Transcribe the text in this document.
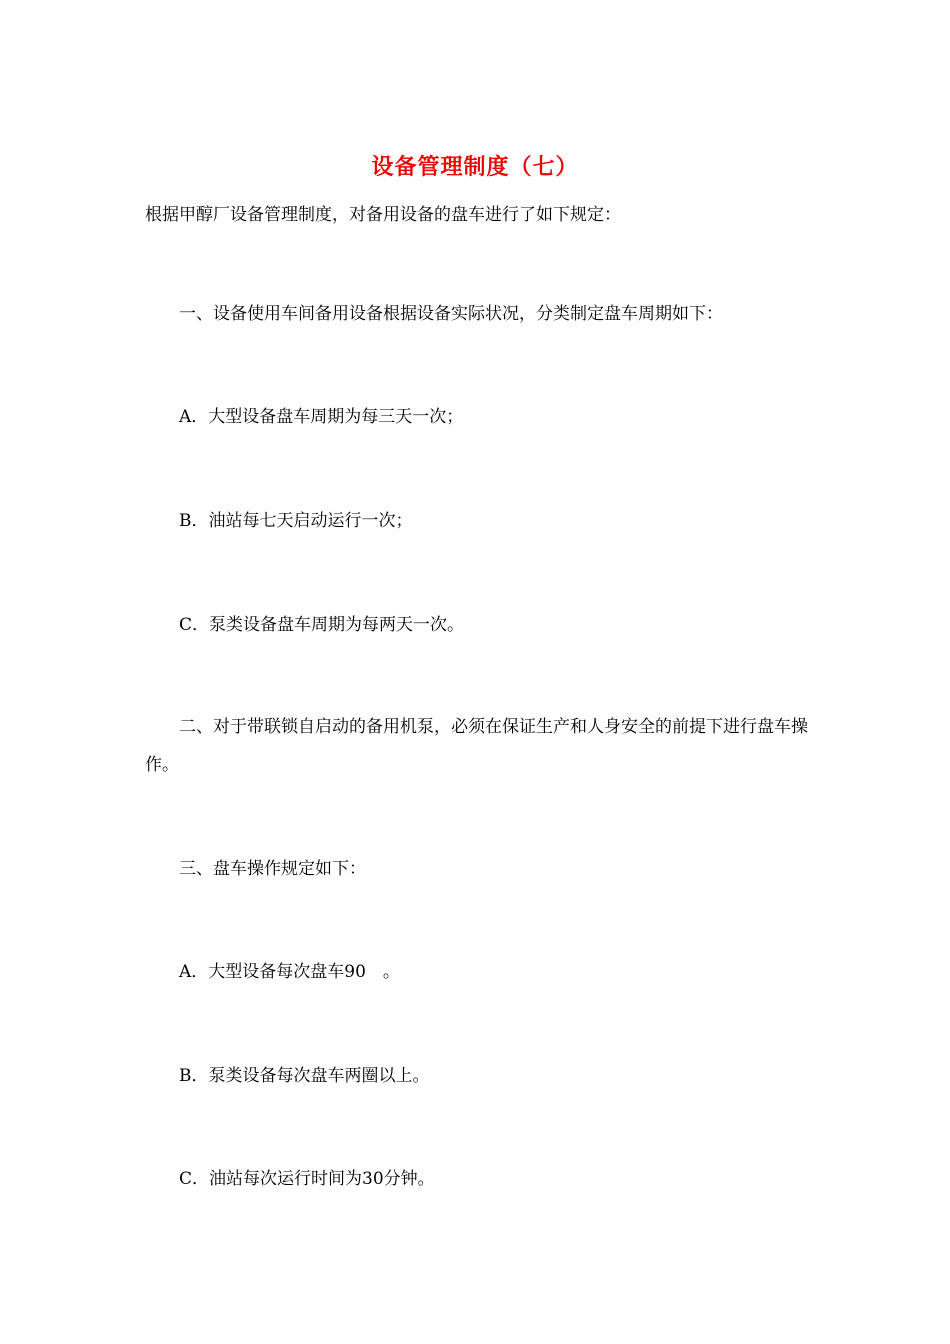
设备管理制度（七）
根据甲醇厂设备管理制度，对备用设备的盘车进行了如下规定：
一、设备使用车间备用设备根据设备实际状况，分类制定盘车周期如下：
A．大型设备盘车周期为每三天一次；
B．油站每七天启动运行一次；
C．泵类设备盘车周期为每两天一次。
二、对于带联锁自启动的备用机泵，必须在保证生产和人身安全的前提下进行盘车操作。
三、盘车操作规定如下：
A．大型设备每次盘车90　。
B．泵类设备每次盘车两圈以上。
C．油站每次运行时间为30分钟。
